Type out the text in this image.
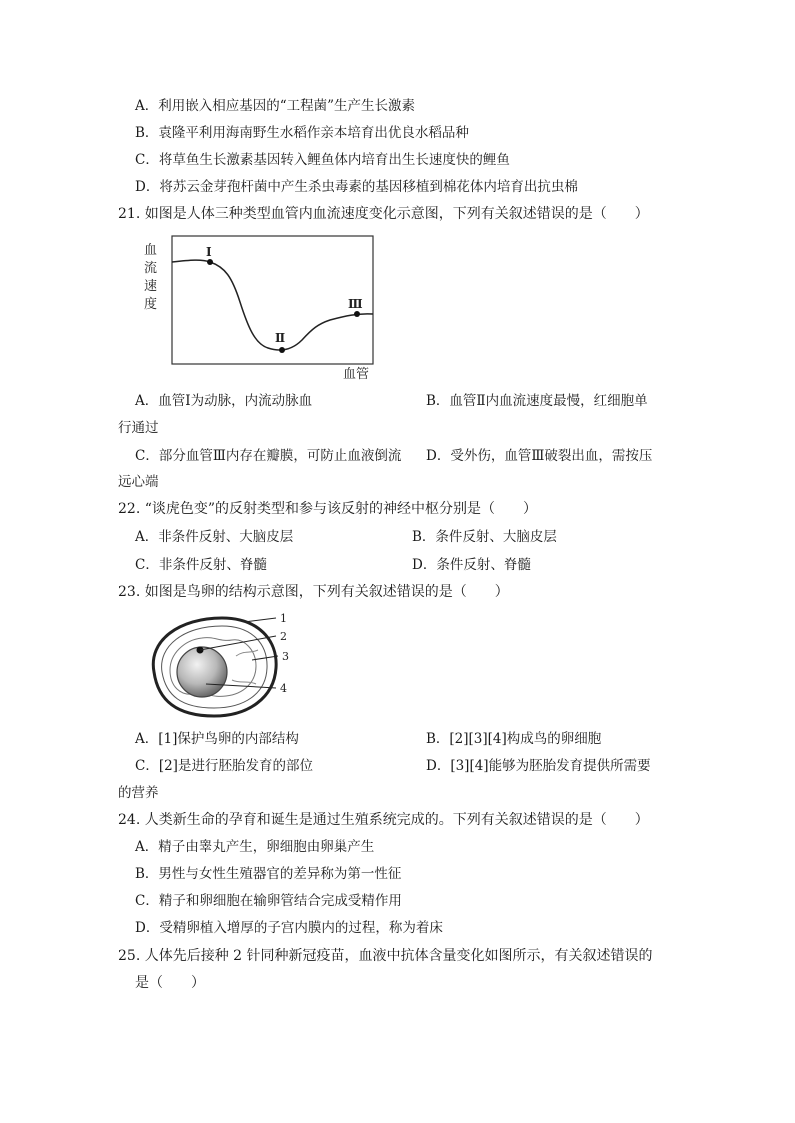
A．利用嵌入相应基因的“工程菌”生产生长激素
B．袁隆平利用海南野生水稻作亲本培育出优良水稻品种
C．将草鱼生长激素基因转入鲤鱼体内培育出生长速度快的鲤鱼
D．将苏云金芽孢杆菌中产生杀虫毒素的基因移植到棉花体内培育出抗虫棉
21. 如图是人体三种类型血管内血流速度变化示意图，下列有关叙述错误的是（　　）
血
流
速
度
Ⅰ
Ⅱ
Ⅲ
血管
A．血管Ⅰ为动脉，内流动脉血	B．血管Ⅱ内血流速度最慢，红细胞单
行通过
C．部分血管Ⅲ内存在瓣膜，可防止血液倒流 D．受外伤，血管Ⅲ破裂出血，需按压
远心端
22. “谈虎色变”的反射类型和参与该反射的神经中枢分别是（　　）
A．非条件反射、大脑皮层	B．条件反射、大脑皮层
C．非条件反射、脊髓	D．条件反射、脊髓
23. 如图是鸟卵的结构示意图，下列有关叙述错误的是（　　）
1
2
3
4
A．[1]保护鸟卵的内部结构	B．[2][3][4]构成鸟的卵细胞
C．[2]是进行胚胎发育的部位	D．[3][4]能够为胚胎发育提供所需要
的营养
24. 人类新生命的孕育和诞生是通过生殖系统完成的。下列有关叙述错误的是（　　）
A．精子由睾丸产生，卵细胞由卵巢产生
B．男性与女性生殖器官的差异称为第一性征
C．精子和卵细胞在输卵管结合完成受精作用
D．受精卵植入增厚的子宫内膜内的过程，称为着床
25. 人体先后接种 2 针同种新冠疫苗，血液中抗体含量变化如图所示，有关叙述错误的
是（　　）
